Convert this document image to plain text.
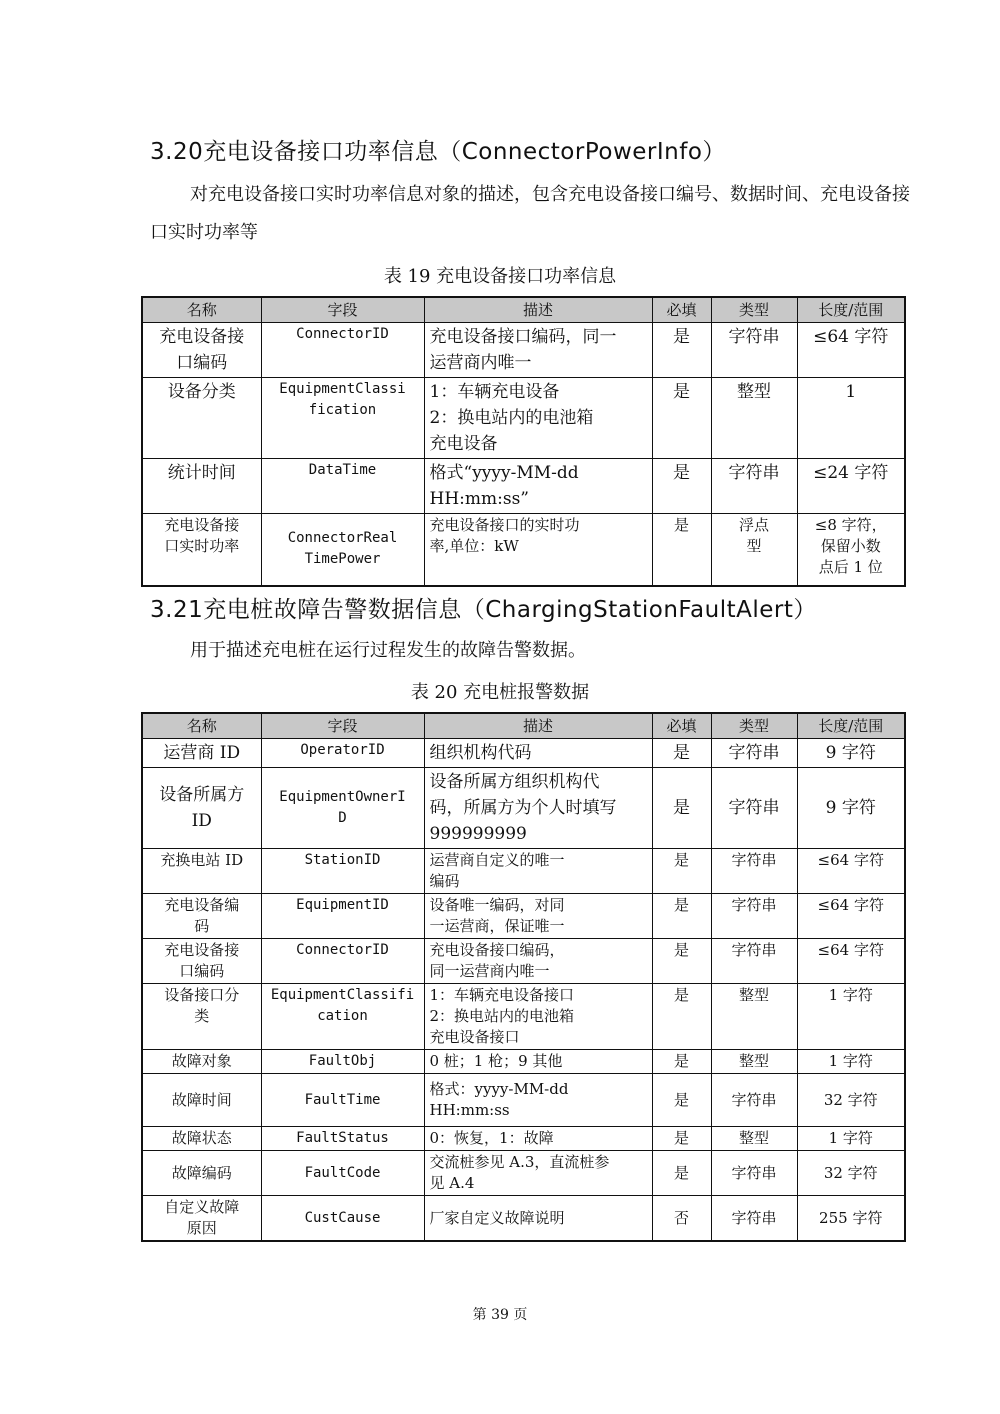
3.20充电设备接口功率信息（ConnectorPowerInfo）

对充电设备接口实时功率信息对象的描述，包含充电设备接口编号、数据时间、充电设备接口实时功率等

表 19 充电设备接口功率信息
名称	字段	描述	必填	类型	长度/范围
充电设备接
口编码	ConnectorID	充电设备接口编码，同一
运营商内唯一	是	字符串	≤64 字符
设备分类	EquipmentClassi
fication	1：车辆充电设备
2：换电站内的电池箱
充电设备	是	整型	1
统计时间	DataTime	格式“yyyy-MM-dd
HH:mm:ss”	是	字符串	≤24 字符
充电设备接
口实时功率	ConnectorReal
TimePower	充电设备接口的实时功
率,单位：kW	是	浮点
型	≤8 字符，
保留小数
点后 1 位
3.21充电桩故障告警数据信息（ChargingStationFaultAlert）

用于描述充电桩在运行过程发生的故障告警数据。

表 20 充电桩报警数据
名称	字段	描述	必填	类型	长度/范围
运营商 ID	OperatorID	组织机构代码	是	字符串	9 字符
设备所属方
ID	EquipmentOwnerI
D	设备所属方组织机构代
码，所属方为个人时填写
999999999	是	字符串	9 字符
充换电站 ID	StationID	运营商自定义的唯一
编码	是	字符串	≤64 字符
充电设备编
码	EquipmentID	设备唯一编码，对同
一运营商，保证唯一	是	字符串	≤64 字符
充电设备接
口编码	ConnectorID	充电设备接口编码，
同一运营商内唯一	是	字符串	≤64 字符
设备接口分
类	EquipmentClassifi
cation	1：车辆充电设备接口
2：换电站内的电池箱
充电设备接口	是	整型	1 字符
故障对象	FaultObj	0 桩；1 枪；9 其他	是	整型	1 字符
故障时间	FaultTime	格式：yyyy-MM-dd
HH:mm:ss	是	字符串	32 字符
故障状态	FaultStatus	0：恢复，1：故障	是	整型	1 字符
故障编码	FaultCode	交流桩参见 A.3，直流桩参
见 A.4	是	字符串	32 字符
自定义故障
原因	CustCause	厂家自定义故障说明	否	字符串	255 字符
第 39 页
